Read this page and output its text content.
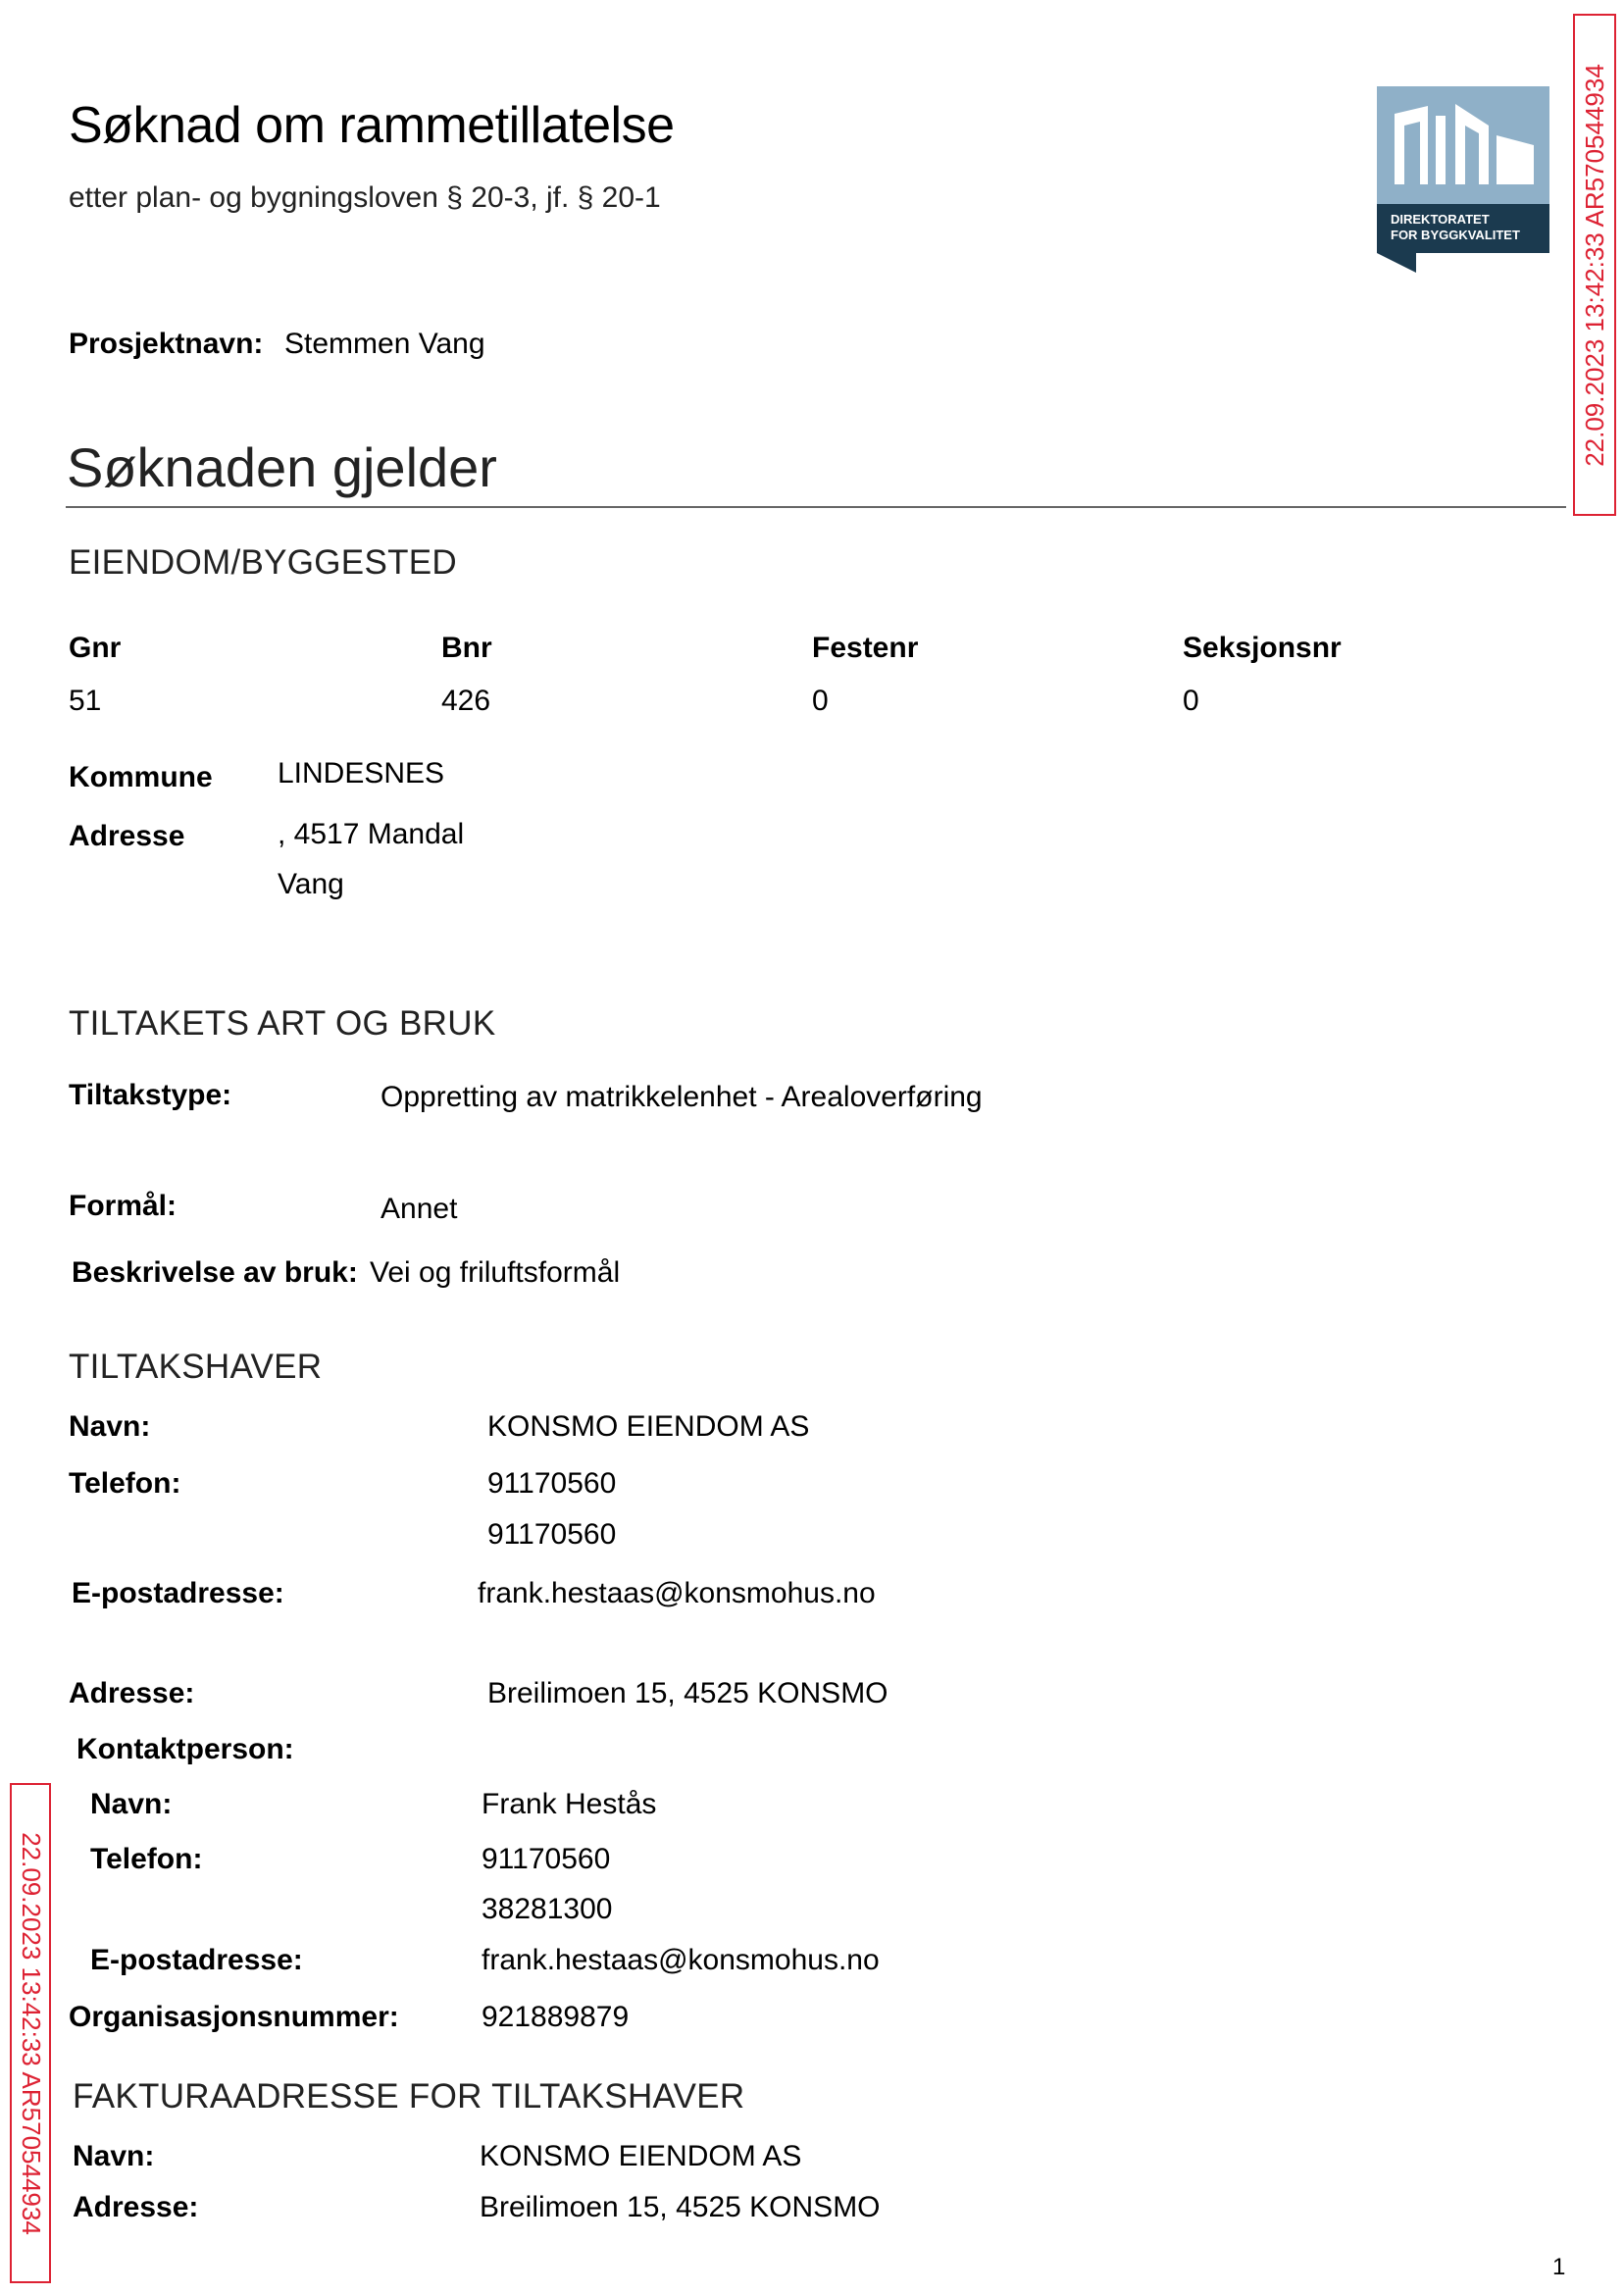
Søknad om rammetillatelse
etter plan- og bygningsloven § 20-3, jf. § 20-1
DIREKTORATET
FOR BYGGKVALITET 22.09.2023 13:42:33 AR570544934
22.09.2023 13:42:33 AR570544934
Prosjektnavn: Stemmen Vang
Søknaden gjelder
EIENDOM/BYGGESTED
Gnr	Bnr	Festenr	Seksjonsnr
51	426	0	0
Kommune LINDESNES
Adresse	, 4517 Mandal
Vang
TILTAKETS ART OG BRUK
Tiltakstype:	Oppretting av matrikkelenhet - Arealoverføring
Formål:	Annet
Beskrivelse av bruk: Vei og friluftsformål
TILTAKSHAVER
Navn:	KONSMO EIENDOM AS
Telefon:	91170560
91170560
E-postadresse:	frank.hestaas@konsmohus.no
Adresse:	Breilimoen 15, 4525 KONSMO
Kontaktperson:
Navn:	Frank Hestås
Telefon:	91170560
38281300
E-postadresse:	frank.hestaas@konsmohus.no
Organisasjonsnummer:	921889879
FAKTURAADRESSE FOR TILTAKSHAVER
Navn:	KONSMO EIENDOM AS
Adresse:	Breilimoen 15, 4525 KONSMO
1
